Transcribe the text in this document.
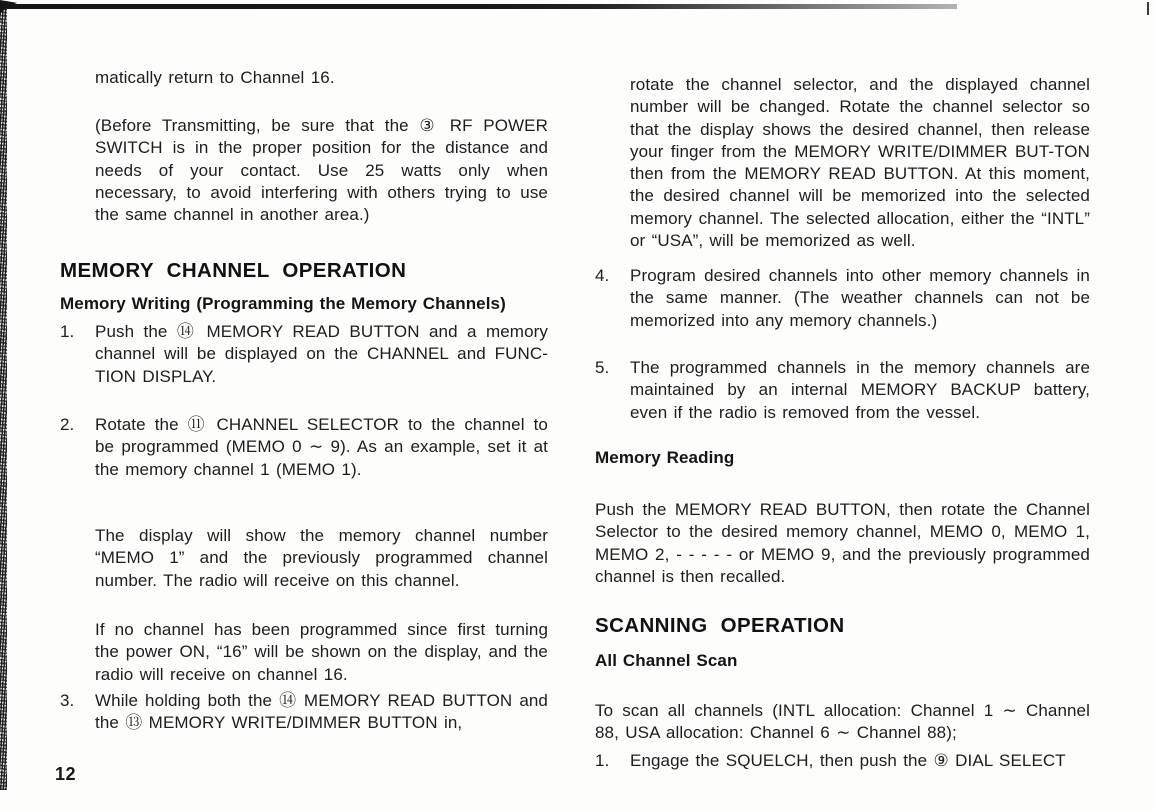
matically return to Channel 16.

(Before Transmitting, be sure that the ③ RF POWER SWITCH is in the proper position for the distance and needs of your contact. Use 25 watts only when necessary, to avoid interfering with others trying to use the same channel in another area.)

MEMORY CHANNEL OPERATION
Memory Writing (Programming the Memory Channels)
1.	Push the ⑭ MEMORY READ BUTTON and a memory channel will be displayed on the CHANNEL and FUNC-TION DISPLAY.
2.	Rotate the ⑪ CHANNEL SELECTOR to the channel to be programmed (MEMO 0 ∼ 9). As an example, set it at the memory channel 1 (MEMO 1).

The display will show the memory channel number “MEMO 1” and the previously programmed channel number. The radio will receive on this channel.

If no channel has been programmed since first turning the power ON, “16” will be shown on the display, and the radio will receive on channel 16.

3.	While holding both the ⑭ MEMORY READ BUTTON and the ⑬ MEMORY WRITE/DIMMER BUTTON in,

rotate the channel selector, and the displayed channel number will be changed. Rotate the channel selector so that the display shows the desired channel, then release your finger from the MEMORY WRITE/DIMMER BUT-TON then from the MEMORY READ BUTTON. At this moment, the desired channel will be memorized into the selected memory channel. The selected allocation, either the “INTL” or “USA”, will be memorized as well.

4.	Program desired channels into other memory channels in the same manner. (The weather channels can not be memorized into any memory channels.)
5.	The programmed channels in the memory channels are maintained by an internal MEMORY BACKUP battery, even if the radio is removed from the vessel.
Memory Reading

Push the MEMORY READ BUTTON, then rotate the Channel Selector to the desired memory channel, MEMO 0, MEMO 1, MEMO 2, - - - - - or MEMO 9, and the previously programmed channel is then recalled.

SCANNING OPERATION
All Channel Scan

To scan all channels (INTL allocation: Channel 1 ∼ Channel 88, USA allocation: Channel 6 ∼ Channel 88);

1.	Engage the SQUELCH, then push the ⑨ DIAL SELECT
12
